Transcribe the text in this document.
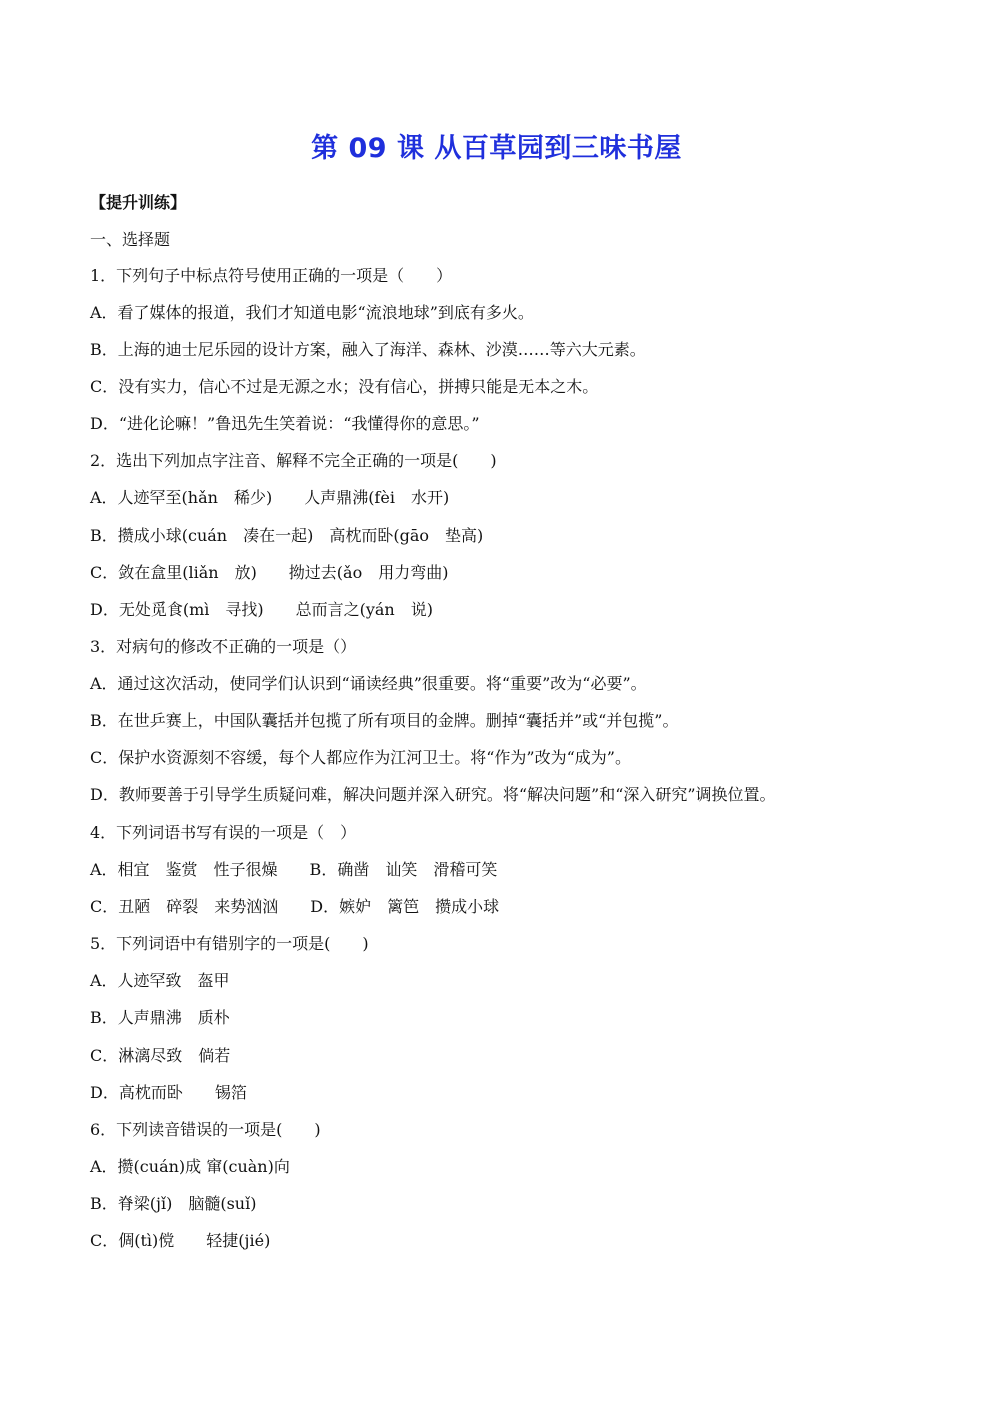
第 09 课 从百草园到三味书屋
【提升训练】
一、选择题
1．下列句子中标点符号使用正确的一项是（　　）
A．看了媒体的报道，我们才知道电影“流浪地球”到底有多火。
B．上海的迪士尼乐园的设计方案，融入了海洋、森林、沙漠……等六大元素。
C．没有实力，信心不过是无源之水；没有信心，拼搏只能是无本之木。
D．“进化论嘛！”鲁迅先生笑着说：“我懂得你的意思。”
2．选出下列加点字注音、解释不完全正确的一项是(　　)
A．人迹罕至(hǎn　稀少)　　人声鼎沸(fèi　水开)
B．攒成小球(cuán　凑在一起)　高枕而卧(gāo　垫高)
C．敛在盒里(liǎn　放)　　拗过去(ǎo　用力弯曲)
D．无处觅食(mì　寻找)　　总而言之(yán　说)
3．对病句的修改不正确的一项是（）
A．通过这次活动，使同学们认识到“诵读经典”很重要。将“重要”改为“必要”。
B．在世乒赛上，中国队囊括并包揽了所有项目的金牌。删掉“囊括并”或“并包揽”。
C．保护水资源刻不容缓，每个人都应作为江河卫士。将“作为”改为“成为”。
D．教师要善于引导学生质疑问难，解决问题并深入研究。将“解决问题”和“深入研究”调换位置。
4．下列词语书写有误的一项是（　）
A．相宜　鉴赏　性子很燥　　B．确凿　讪笑　滑稽可笑
C．丑陋　碎裂　来势汹汹　　D．嫉妒　篱笆　攒成小球
5．下列词语中有错别字的一项是(　　)
A．人迹罕致　盔甲
B．人声鼎沸　质朴
C．淋漓尽致　倘若
D．高枕而卧　　锡箔
6．下列读音错误的一项是(　　)
A．攒(cuán)成 窜(cuàn)向
B．脊梁(jǐ)　脑髓(suǐ)
C．倜(tì)傥　　轻捷(jié)
